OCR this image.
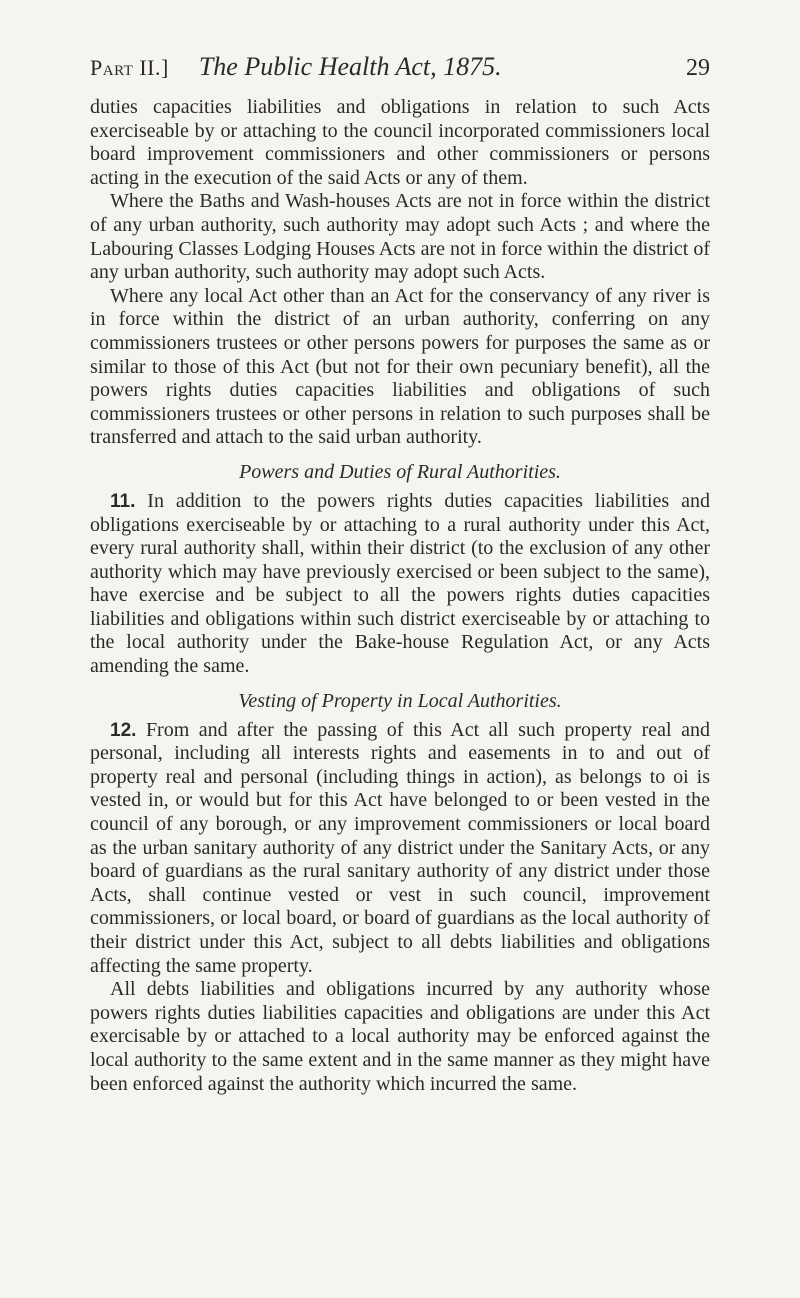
Part II.] The Public Health Act, 1875.	29

duties capacities liabilities and obligations in relation to such Acts exerciseable by or attaching to the council incorporated commissioners local board improvement commissioners and other commissioners or persons acting in the execution of the said Acts or any of them.

Where the Baths and Wash-houses Acts are not in force within the district of any urban authority, such authority may adopt such Acts ; and where the Labouring Classes Lodging Houses Acts are not in force within the district of any urban authority, such authority may adopt such Acts.

Where any local Act other than an Act for the conservancy of any river is in force within the district of an urban authority, conferring on any commissioners trustees or other persons powers for purposes the same as or similar to those of this Act (but not for their own pecuniary benefit), all the powers rights duties capacities liabilities and obligations of such commissioners trustees or other persons in relation to such purposes shall be transferred and attach to the said urban authority.

Powers and Duties of Rural Authorities.

11. In addition to the powers rights duties capacities liabilities and obligations exerciseable by or attaching to a rural authority under this Act, every rural authority shall, within their district (to the exclusion of any other authority which may have previously exercised or been subject to the same), have exercise and be subject to all the powers rights duties capacities liabilities and obligations within such district exerciseable by or attaching to the local authority under the Bake-house Regulation Act, or any Acts amending the same.

Vesting of Property in Local Authorities.

12. From and after the passing of this Act all such property real and personal, including all interests rights and easements in to and out of property real and personal (including things in action), as belongs to oi is vested in, or would but for this Act have belonged to or been vested in the council of any borough, or any improvement commissioners or local board as the urban sanitary authority of any district under the Sanitary Acts, or any board of guardians as the rural sanitary authority of any district under those Acts, shall continue vested or vest in such council, improvement commissioners, or local board, or board of guardians as the local authority of their district under this Act, subject to all debts liabilities and obligations affecting the same property.

All debts liabilities and obligations incurred by any authority whose powers rights duties liabilities capacities and obligations are under this Act exercisable by or attached to a local authority may be enforced against the local authority to the same extent and in the same manner as they might have been enforced against the authority which incurred the same.
